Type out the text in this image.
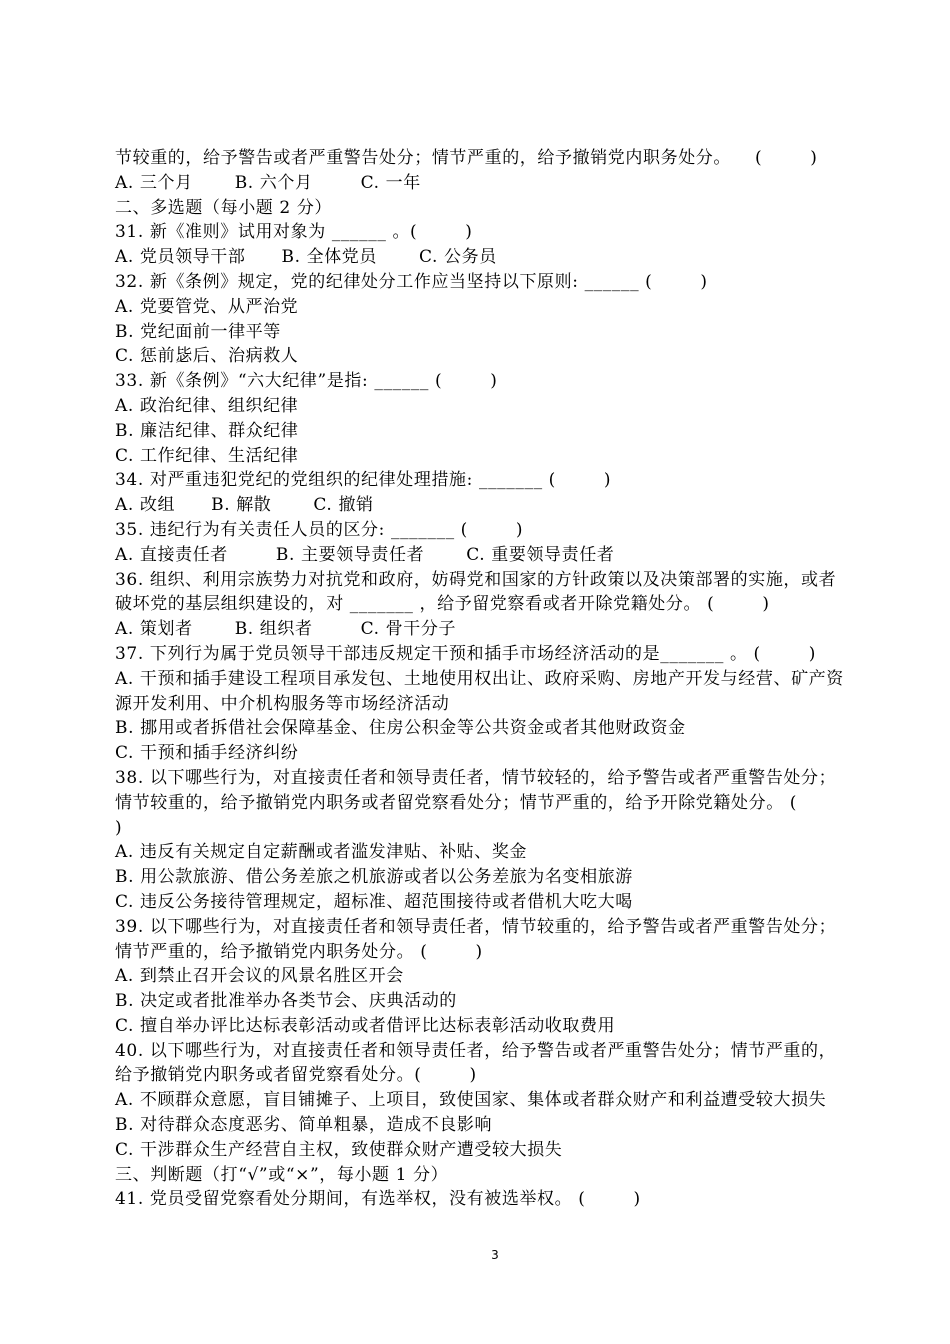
节较重的，给予警告或者严重警告处分；情节严重的，给予撤销党内职务处分。    (        )
A. 三个月       B. 六个月        C. 一年
二、多选题（每小题 2 分）
31. 新《准则》试用对象为 ______ 。(        )
A. 党员领导干部      B. 全体党员       C. 公务员
32. 新《条例》规定，党的纪律处分工作应当坚持以下原则: ______ (        )
A. 党要管党、从严治党
B. 党纪面前一律平等
C. 惩前毖后、治病救人
33. 新《条例》“六大纪律”是指: ______ (        )
A. 政治纪律、组织纪律
B. 廉洁纪律、群众纪律
C. 工作纪律、生活纪律
34. 对严重违犯党纪的党组织的纪律处理措施: _______ (        )
A. 改组      B. 解散       C. 撤销
35. 违纪行为有关责任人员的区分: _______ (        )
A. 直接责任者        B. 主要领导责任者       C. 重要领导责任者
36. 组织、利用宗族势力对抗党和政府，妨碍党和国家的方针政策以及决策部署的实施，或者
破坏党的基层组织建设的，对 _______ ，给予留党察看或者开除党籍处分。 (        )
A. 策划者       B. 组织者        C. 骨干分子
37. 下列行为属于党员领导干部违反规定干预和插手市场经济活动的是_______ 。 (        )
A. 干预和插手建设工程项目承发包、土地使用权出让、政府采购、房地产开发与经营、矿产资
源开发利用、中介机构服务等市场经济活动
B. 挪用或者拆借社会保障基金、住房公积金等公共资金或者其他财政资金
C. 干预和插手经济纠纷
38. 以下哪些行为，对直接责任者和领导责任者，情节较轻的，给予警告或者严重警告处分；
情节较重的，给予撤销党内职务或者留党察看处分；情节严重的，给予开除党籍处分。 (
)
A. 违反有关规定自定薪酬或者滥发津贴、补贴、奖金
B. 用公款旅游、借公务差旅之机旅游或者以公务差旅为名变相旅游
C. 违反公务接待管理规定，超标准、超范围接待或者借机大吃大喝
39. 以下哪些行为，对直接责任者和领导责任者，情节较重的，给予警告或者严重警告处分；
情节严重的，给予撤销党内职务处分。 (        )
A. 到禁止召开会议的风景名胜区开会
B. 决定或者批准举办各类节会、庆典活动的
C. 擅自举办评比达标表彰活动或者借评比达标表彰活动收取费用
40. 以下哪些行为，对直接责任者和领导责任者，给予警告或者严重警告处分；情节严重的，
给予撤销党内职务或者留党察看处分。(        )
A. 不顾群众意愿，盲目铺摊子、上项目，致使国家、集体或者群众财产和利益遭受较大损失
B. 对待群众态度恶劣、简单粗暴，造成不良影响
C. 干涉群众生产经营自主权，致使群众财产遭受较大损失
三、判断题（打“√”或“×”，每小题 1 分）
41. 党员受留党察看处分期间，有选举权，没有被选举权。 (        )
3
